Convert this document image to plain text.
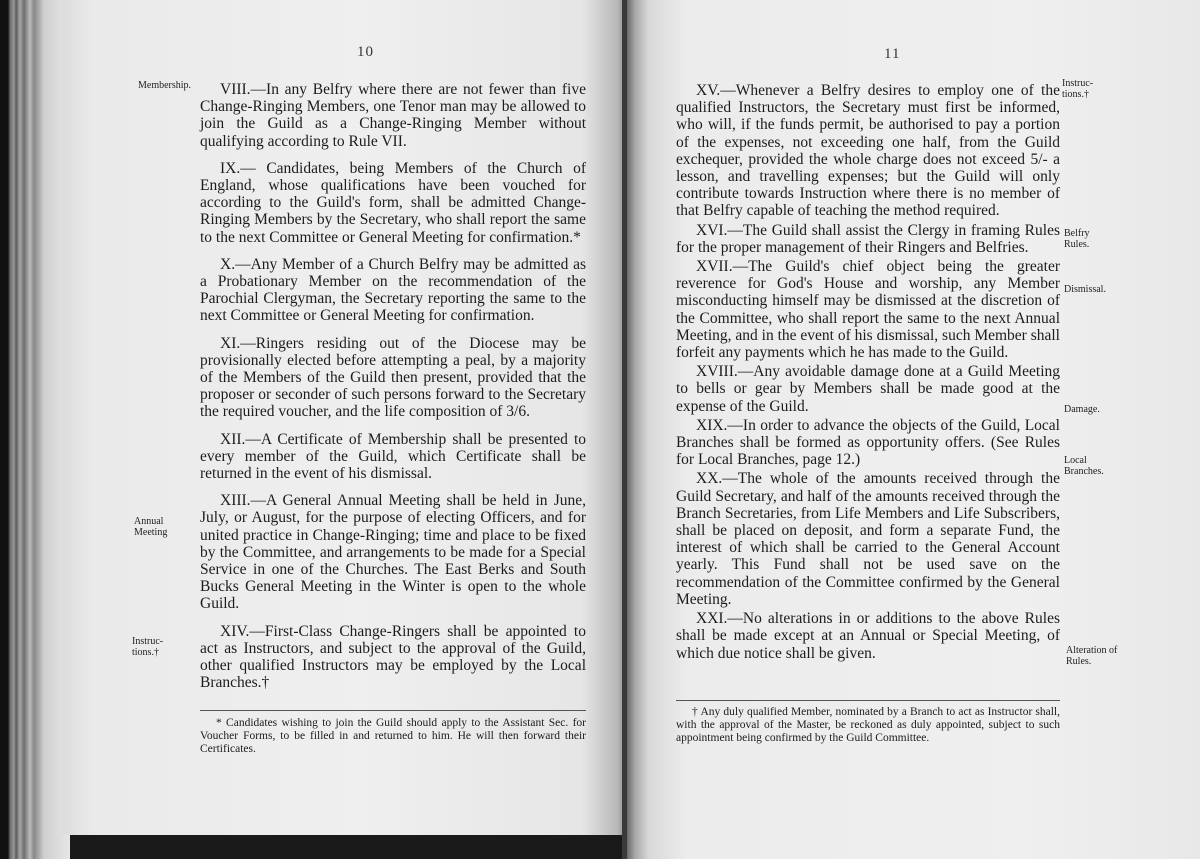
10
Membership.
Annual Meeting
Instruc-tions.†

VIII.—In any Belfry where there are not fewer than five Change-Ringing Members, one Tenor man may be allowed to join the Guild as a Change-Ringing Member without qualifying according to Rule VII.

IX.— Candidates, being Members of the Church of England, whose qualifications have been vouched for according to the Guild's form, shall be admitted Change-Ringing Members by the Secretary, who shall report the same to the next Committee or General Meeting for confirmation.*

X.—Any Member of a Church Belfry may be admitted as a Probationary Member on the recommendation of the Parochial Clergyman, the Secretary reporting the same to the next Committee or General Meeting for confirmation.

XI.—Ringers residing out of the Diocese may be provisionally elected before attempting a peal, by a majority of the Members of the Guild then present, provided that the proposer or seconder of such persons forward to the Secretary the required voucher, and the life composition of 3/6.

XII.—A Certificate of Membership shall be presented to every member of the Guild, which Certificate shall be returned in the event of his dismissal.

XIII.—A General Annual Meeting shall be held in June, July, or August, for the purpose of electing Officers, and for united practice in Change-Ringing; time and place to be fixed by the Committee, and arrangements to be made for a Special Service in one of the Churches. The East Berks and South Bucks General Meeting in the Winter is open to the whole Guild.

XIV.—First-Class Change-Ringers shall be appointed to act as Instructors, and subject to the approval of the Guild, other qualified Instructors may be employed by the Local Branches.†

* Candidates wishing to join the Guild should apply to the Assistant Sec. for Voucher Forms, to be filled in and returned to him. He will then forward their Certificates.

11

XV.—Whenever a Belfry desires to employ one of the qualified Instructors, the Secretary must first be informed, who will, if the funds permit, be authorised to pay a portion of the expenses, not exceeding one half, from the Guild exchequer, provided the whole charge does not exceed 5/- a lesson, and travelling expenses; but the Guild will only contribute towards Instruction where there is no member of that Belfry capable of teaching the method required.

XVI.—The Guild shall assist the Clergy in framing Rules for the proper management of their Ringers and Belfries.

XVII.—The Guild's chief object being the greater reverence for God's House and worship, any Member misconducting himself may be dismissed at the discretion of the Committee, who shall report the same to the next Annual Meeting, and in the event of his dismissal, such Member shall forfeit any payments which he has made to the Guild.

XVIII.—Any avoidable damage done at a Guild Meeting to bells or gear by Members shall be made good at the expense of the Guild.

XIX.—In order to advance the objects of the Guild, Local Branches shall be formed as opportunity offers. (See Rules for Local Branches, page 12.)

XX.—The whole of the amounts received through the Guild Secretary, and half of the amounts received through the Branch Secretaries, from Life Members and Life Subscribers, shall be placed on deposit, and form a separate Fund, the interest of which shall be carried to the General Account yearly. This Fund shall not be used save on the recommendation of the Committee confirmed by the General Meeting.

XXI.—No alterations in or additions to the above Rules shall be made except at an Annual or Special Meeting, of which due notice shall be given.

Instruc-tions.†
Belfry Rules.
Dismissal.
Damage.
Local Branches.
Alteration of Rules.

† Any duly qualified Member, nominated by a Branch to act as Instructor shall, with the approval of the Master, be reckoned as duly appointed, subject to such appointment being confirmed by the Guild Committee.
